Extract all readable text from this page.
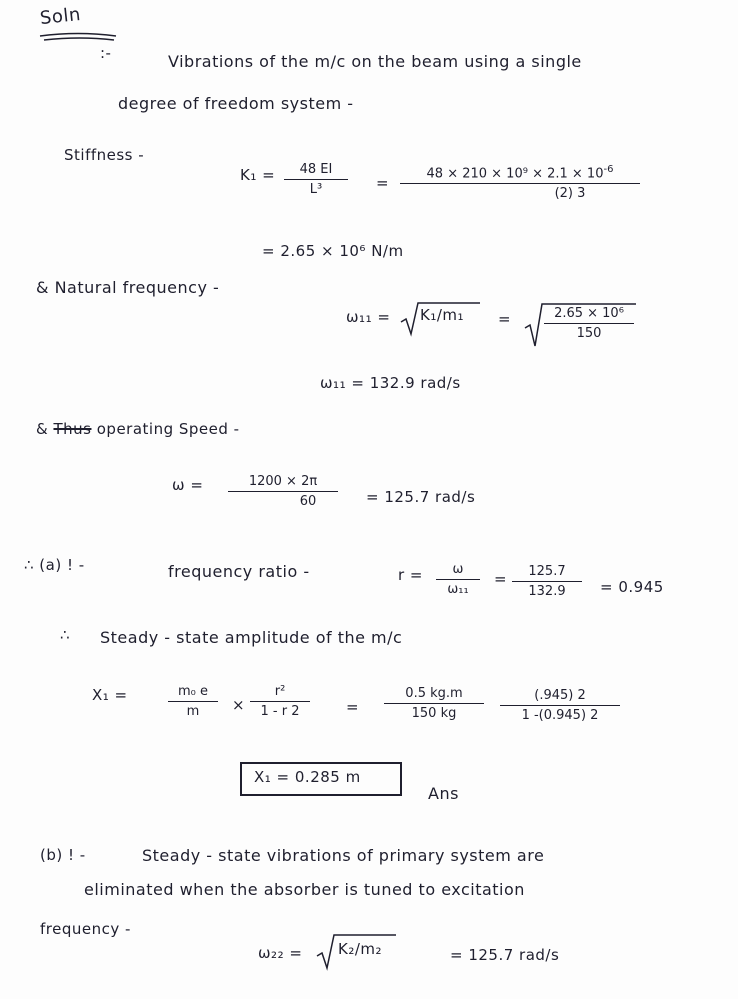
Soln
:-	Vibrations of the m/c on the beam using a single
degree of freedom system -
Stiffness -
K₁ = 48 EI
L³	=
$48 \times 210 \times 10^9 \times 2.1 \times 10^{-6}$
(2) 3
= 2.65 × 10⁶ N/m
& Natural frequency -
ω₁₁ = K₁/m₁ =	2.65 × 10⁶
150
ω₁₁ = 132.9 rad/s
& Thus operating Speed -
ω =	1200 × 2π
60	= 125.7 rad/s
∴ (a) ! -	frequency ratio -	r = ω
ω₁₁
= 125.7
132.9 = 0.945
∴ Steady - state amplitude of the m/c
X₁ =	m₀ e
m ×
r²
1 - r 2	=
0.5 kg.m
150 kg
(.945) 2
1 -(0.945) 2
X₁ = 0.285 m
Ans
(b) ! -	Steady - state vibrations of primary system are
eliminated when the absorber is tuned to excitation
frequency -
ω₂₂ = K₂/m₂	= 125.7 rad/s
